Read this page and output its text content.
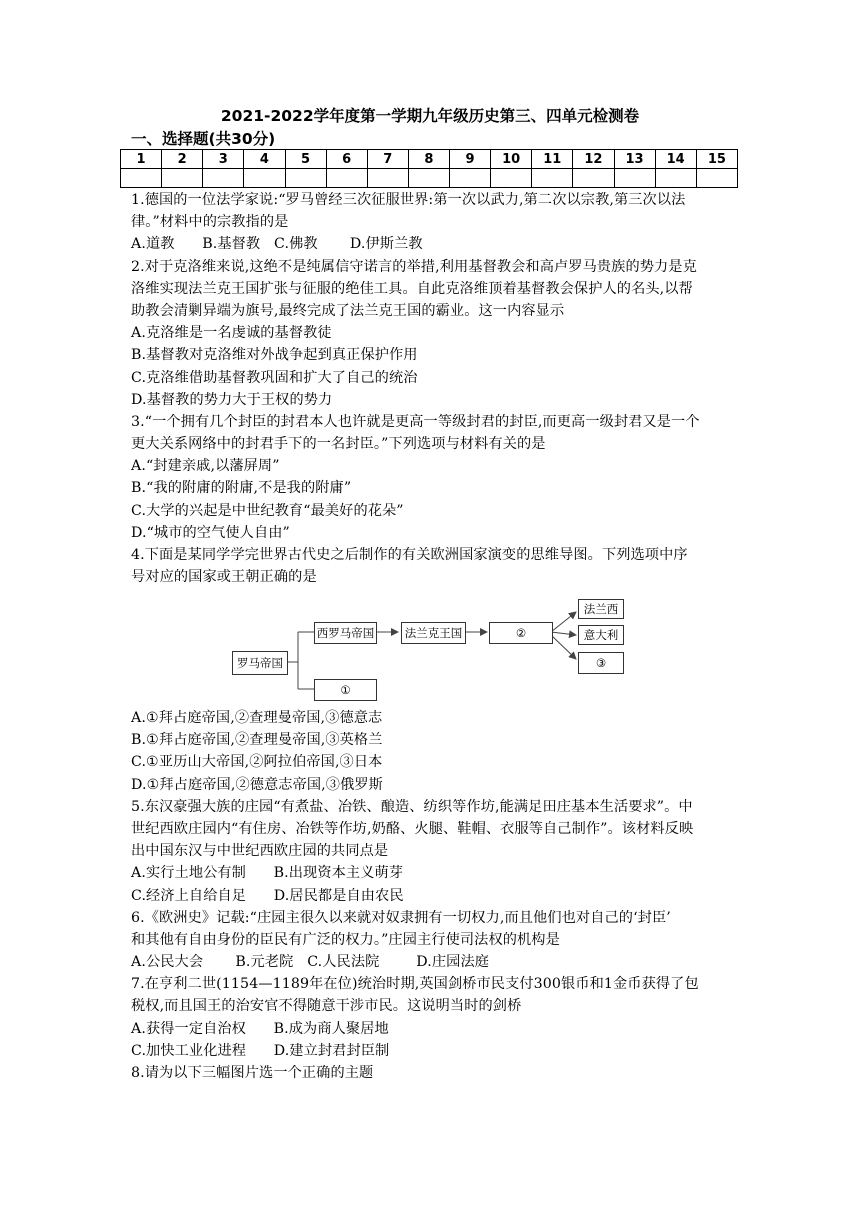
2021-2022学年度第一学期九年级历史第三、四单元检测卷
一、选择题(共30分)
1	2	3	4	5	6	7	8	9	10	11	12	13	14	15

1.德国的一位法学家说:“罗马曾经三次征服世界:第一次以武力,第二次以宗教,第三次以法
律。”材料中的宗教指的是
A.道教      B.基督教   C.佛教       D.伊斯兰教
2.对于克洛维来说,这绝不是纯属信守诺言的举措,利用基督教会和高卢罗马贵族的势力是克
洛维实现法兰克王国扩张与征服的绝佳工具。自此克洛维顶着基督教会保护人的名头,以帮
助教会清剿异端为旗号,最终完成了法兰克王国的霸业。这一内容显示
A.克洛维是一名虔诚的基督教徒
B.基督教对克洛维对外战争起到真正保护作用
C.克洛维借助基督教巩固和扩大了自己的统治
D.基督教的势力大于王权的势力
3.“一个拥有几个封臣的封君本人也许就是更高一等级封君的封臣,而更高一级封君又是一个
更大关系网络中的封君手下的一名封臣。”下列选项与材料有关的是
A.“封建亲戚,以藩屏周”
B.“我的附庸的附庸,不是我的附庸”
C.大学的兴起是中世纪教育“最美好的花朵”
D.“城市的空气使人自由”
4.下面是某同学学完世界古代史之后制作的有关欧洲国家演变的思维导图。下列选项中序
号对应的国家或王朝正确的是
罗马帝国
西罗马帝国
①
法兰克王国	②
法兰西
意大利
③
A.①拜占庭帝国,②查理曼帝国,③德意志
B.①拜占庭帝国,②查理曼帝国,③英格兰
C.①亚历山大帝国,②阿拉伯帝国,③日本
D.①拜占庭帝国,②德意志帝国,③俄罗斯
5.东汉豪强大族的庄园“有煮盐、冶铁、酿造、纺织等作坊,能满足田庄基本生活要求”。中
世纪西欧庄园内“有住房、冶铁等作坊,奶酪、火腿、鞋帽、衣服等自己制作”。该材料反映
出中国东汉与中世纪西欧庄园的共同点是
A.实行土地公有制      B.出现资本主义萌芽
C.经济上自给自足      D.居民都是自由农民
6.《欧洲史》记载:“庄园主很久以来就对奴隶拥有一切权力,而且他们也对自己的‘封臣’
和其他有自由身份的臣民有广泛的权力。”庄园主行使司法权的机构是
A.公民大会       B.元老院   C.人民法院        D.庄园法庭
7.在亨利二世(1154—1189年在位)统治时期,英国剑桥市民支付300银币和1金币获得了包
税权,而且国王的治安官不得随意干涉市民。这说明当时的剑桥
A.获得一定自治权      B.成为商人聚居地
C.加快工业化进程      D.建立封君封臣制
8.请为以下三幅图片选一个正确的主题
